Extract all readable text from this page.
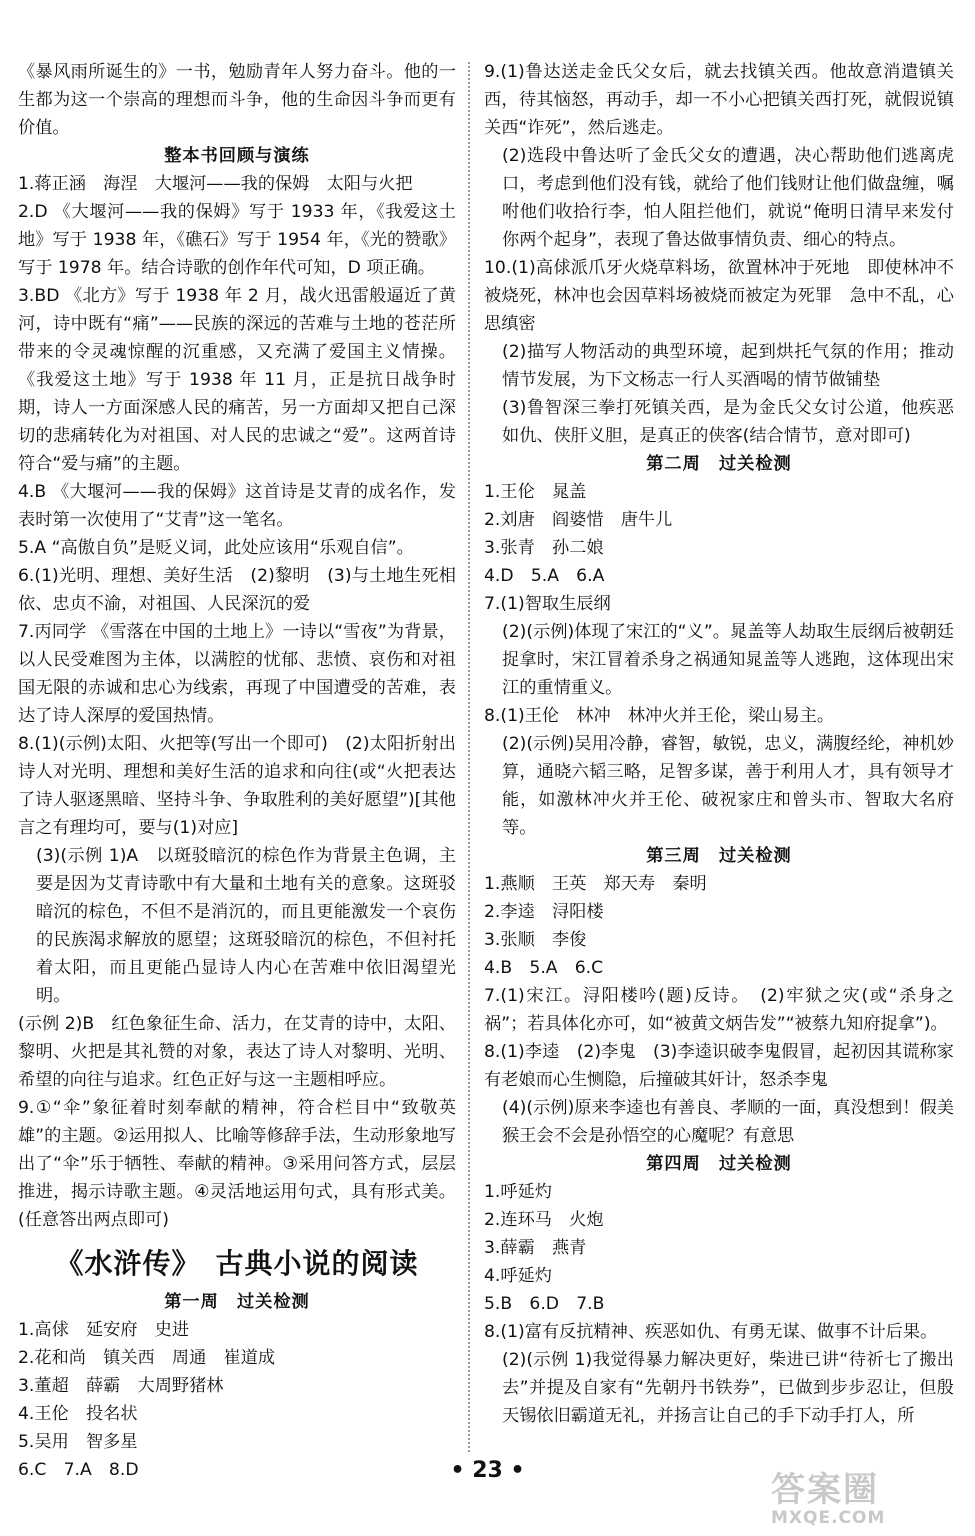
《暴风雨所诞生的》一书，勉励青年人努力奋斗。他的一生都为这一个崇高的理想而斗争，他的生命因斗争而更有价值。
整本书回顾与演练
1.蒋正涵　海涅　大堰河——我的保姆　太阳与火把
2.D 《大堰河——我的保姆》写于 1933 年，《我爱这土地》写于 1938 年，《礁石》写于 1954 年，《光的赞歌》写于 1978 年。结合诗歌的创作年代可知，D 项正确。
3.BD 《北方》写于 1938 年 2 月，战火迅雷般逼近了黄河，诗中既有“痛”——民族的深远的苦难与土地的苍茫所带来的令灵魂惊醒的沉重感，又充满了爱国主义情操。《我爱这土地》写于 1938 年 11 月，正是抗日战争时期，诗人一方面深感人民的痛苦，另一方面却又把自己深切的悲痛转化为对祖国、对人民的忠诚之“爱”。这两首诗符合“爱与痛”的主题。
4.B 《大堰河——我的保姆》这首诗是艾青的成名作，发表时第一次使用了“艾青”这一笔名。
5.A “高傲自负”是贬义词，此处应该用“乐观自信”。
6.(1)光明、理想、美好生活　(2)黎明　(3)与土地生死相依、忠贞不渝，对祖国、人民深沉的爱
7.丙同学 《雪落在中国的土地上》一诗以“雪夜”为背景，以人民受难图为主体，以满腔的忧郁、悲愤、哀伤和对祖国无限的赤诚和忠心为线索，再现了中国遭受的苦难，表达了诗人深厚的爱国热情。
8.(1)(示例)太阳、火把等(写出一个即可)　(2)太阳折射出诗人对光明、理想和美好生活的追求和向往(或“火把表达了诗人驱逐黑暗、坚持斗争、争取胜利的美好愿望”)[其他言之有理均可，要与(1)对应]
(3)(示例 1)A　以斑驳暗沉的棕色作为背景主色调，主要是因为艾青诗歌中有大量和土地有关的意象。这斑驳暗沉的棕色，不但不是消沉的，而且更能激发一个哀伤的民族渴求解放的愿望；这斑驳暗沉的棕色，不但衬托着太阳，而且更能凸显诗人内心在苦难中依旧渴望光明。
(示例 2)B　红色象征生命、活力，在艾青的诗中，太阳、黎明、火把是其礼赞的对象，表达了诗人对黎明、光明、希望的向往与追求。红色正好与这一主题相呼应。
9.①“伞”象征着时刻奉献的精神，符合栏目中“致敬英雄”的主题。②运用拟人、比喻等修辞手法，生动形象地写出了“伞”乐于牺牲、奉献的精神。③采用问答方式，层层推进，揭示诗歌主题。④灵活地运用句式，具有形式美。(任意答出两点即可)
《水浒传》　古典小说的阅读
第一周　过关检测
1.高俅　延安府　史进
2.花和尚　镇关西　周通　崔道成
3.董超　薛霸　大周野猪林
4.王伦　投名状
5.吴用　智多星
6.C　7.A　8.D
9.(1)鲁达送走金氏父女后，就去找镇关西。他故意消遣镇关西，待其恼怒，再动手，却一不小心把镇关西打死，就假说镇关西“诈死”，然后逃走。
(2)选段中鲁达听了金氏父女的遭遇，决心帮助他们逃离虎口，考虑到他们没有钱，就给了他们钱财让他们做盘缠，嘱咐他们收拾行李，怕人阻拦他们，就说“俺明日清早来发付你两个起身”，表现了鲁达做事情负责、细心的特点。
10.(1)高俅派爪牙火烧草料场，欲置林冲于死地　即使林冲不被烧死，林冲也会因草料场被烧而被定为死罪　急中不乱，心思缜密
(2)描写人物活动的典型环境，起到烘托气氛的作用；推动情节发展，为下文杨志一行人买酒喝的情节做铺垫
(3)鲁智深三拳打死镇关西，是为金氏父女讨公道，他疾恶如仇、侠肝义胆，是真正的侠客(结合情节，意对即可)
第二周　过关检测
1.王伦　晁盖
2.刘唐　阎婆惜　唐牛儿
3.张青　孙二娘
4.D　5.A　6.A
7.(1)智取生辰纲
(2)(示例)体现了宋江的“义”。晁盖等人劫取生辰纲后被朝廷捉拿时，宋江冒着杀身之祸通知晁盖等人逃跑，这体现出宋江的重情重义。
8.(1)王伦　林冲　林冲火并王伦，梁山易主。
(2)(示例)吴用冷静，睿智，敏锐，忠义，满腹经纶，神机妙算，通晓六韬三略，足智多谋，善于利用人才，具有领导才能，如激林冲火并王伦、破祝家庄和曾头市、智取大名府等。
第三周　过关检测
1.燕顺　王英　郑天寿　秦明
2.李逵　浔阳楼
3.张顺　李俊
4.B　5.A　6.C
7.(1)宋江。浔阳楼吟(题)反诗。　(2)牢狱之灾(或“杀身之祸”；若具体化亦可，如“被黄文炳告发”“被蔡九知府捉拿”)。
8.(1)李逵　(2)李鬼　(3)李逵识破李鬼假冒，起初因其谎称家有老娘而心生恻隐，后撞破其奸计，怒杀李鬼
(4)(示例)原来李逵也有善良、孝顺的一面，真没想到！假美猴王会不会是孙悟空的心魔呢？有意思
第四周　过关检测
1.呼延灼
2.连环马　火炮
3.薛霸　燕青
4.呼延灼
5.B　6.D　7.B
8.(1)富有反抗精神、疾恶如仇、有勇无谋、做事不计后果。
(2)(示例 1)我觉得暴力解决更好，柴进已讲“待祈七了搬出去”并提及自家有“先朝丹书铁券”，已做到步步忍让，但殷天锡依旧霸道无礼，并扬言让自己的手下动手打人，所
• 23 •	答案圈
MXQE.COM
